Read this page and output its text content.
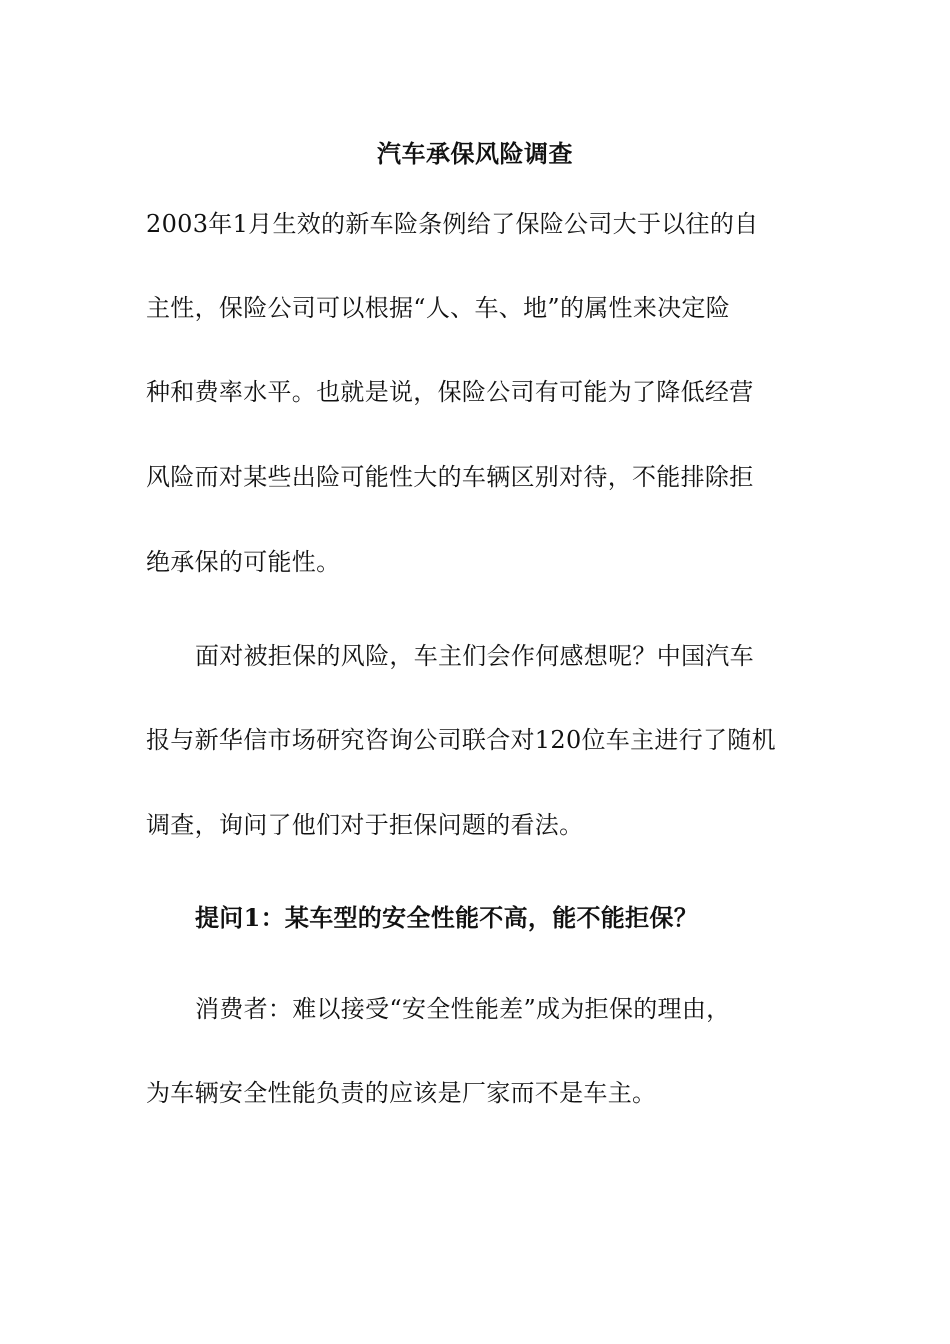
汽车承保风险调查
2003年1月生效的新车险条例给了保险公司大于以往的自
主性，保险公司可以根据“人、车、地”的属性来决定险
种和费率水平。也就是说，保险公司有可能为了降低经营
风险而对某些出险可能性大的车辆区别对待，不能排除拒
绝承保的可能性。
面对被拒保的风险，车主们会作何感想呢？中国汽车
报与新华信市场研究咨询公司联合对120位车主进行了随机
调查，询问了他们对于拒保问题的看法。
提问1：某车型的安全性能不高，能不能拒保？
消费者：难以接受“安全性能差”成为拒保的理由，
为车辆安全性能负责的应该是厂家而不是车主。
